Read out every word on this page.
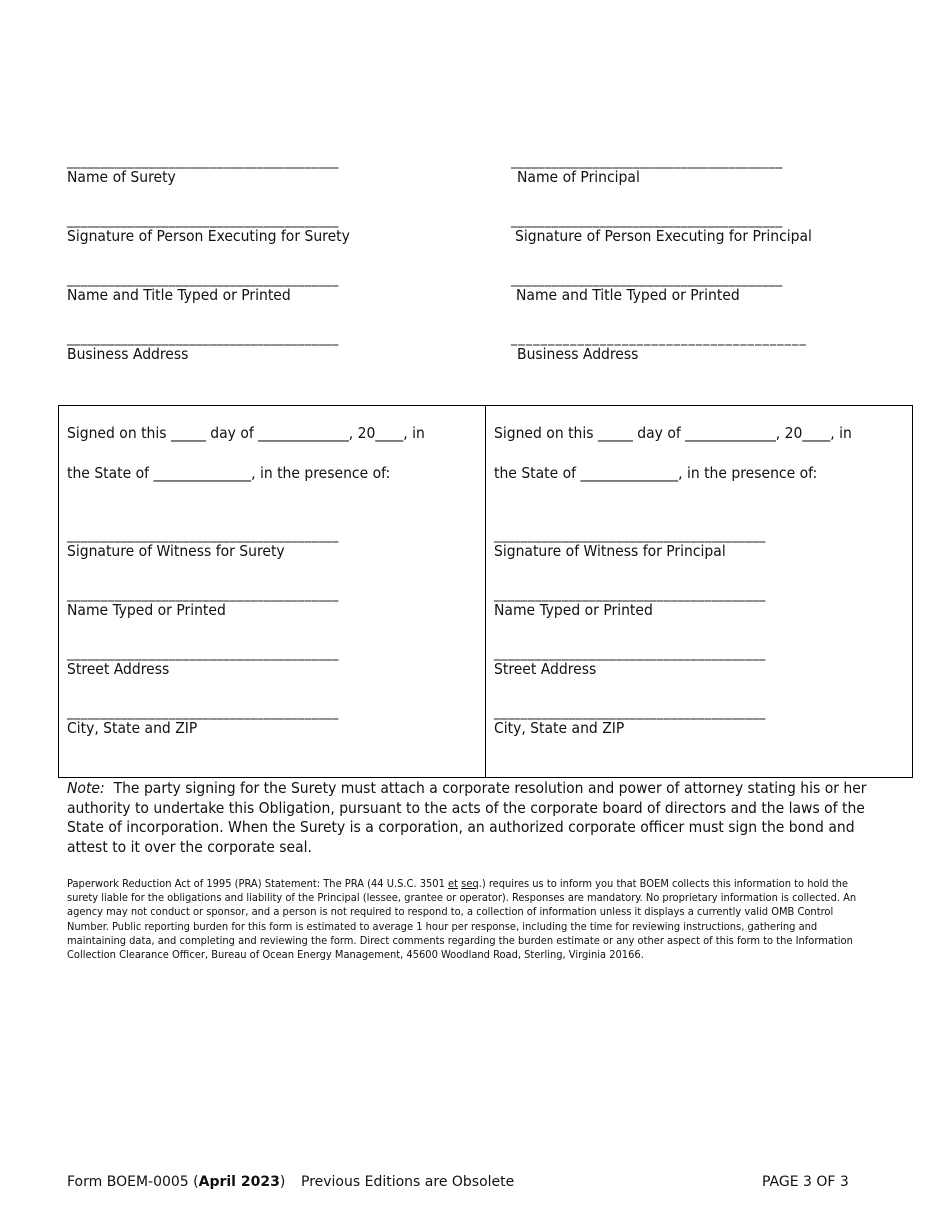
________________________________________
Name of Surety
________________________________________
Signature of Person Executing for Surety
________________________________________
Name and Title Typed or Printed
________________________________________
Business Address
________________________________________
Name of Principal
________________________________________
Signature of Person Executing for Principal
________________________________________
Name and Title Typed or Printed
________________________________________
Business Address
Signed on this _____ day of _____________, 20____, in
the State of ______________, in the presence of:
________________________________________
Signature of Witness for Surety
________________________________________
Name Typed or Printed
________________________________________
Street Address
________________________________________
City, State and ZIP
Signed on this _____ day of _____________, 20____, in
the State of ______________, in the presence of:
________________________________________
Signature of Witness for Principal
________________________________________
Name Typed or Printed
________________________________________
Street Address
________________________________________
City, State and ZIP
Note: The party signing for the Surety must attach a corporate resolution and power of attorney stating his or her authority to undertake this Obligation, pursuant to the acts of the corporate board of directors and the laws of the State of incorporation. When the Surety is a corporation, an authorized corporate officer must sign the bond and attest to it over the corporate seal.
Paperwork Reduction Act of 1995 (PRA) Statement: The PRA (44 U.S.C. 3501 et seq.) requires us to inform you that BOEM collects this information to hold the surety liable for the obligations and liability of the Principal (lessee, grantee or operator). Responses are mandatory. No proprietary information is collected. An agency may not conduct or sponsor, and a person is not required to respond to, a collection of information unless it displays a currently valid OMB Control Number. Public reporting burden for this form is estimated to average 1 hour per response, including the time for reviewing instructions, gathering and maintaining data, and completing and reviewing the form. Direct comments regarding the burden estimate or any other aspect of this form to the Information Collection Clearance Officer, Bureau of Ocean Energy Management, 45600 Woodland Road, Sterling, Virginia 20166.
Form BOEM-0005 (April 2023) Previous Editions are Obsolete	PAGE 3 OF 3
